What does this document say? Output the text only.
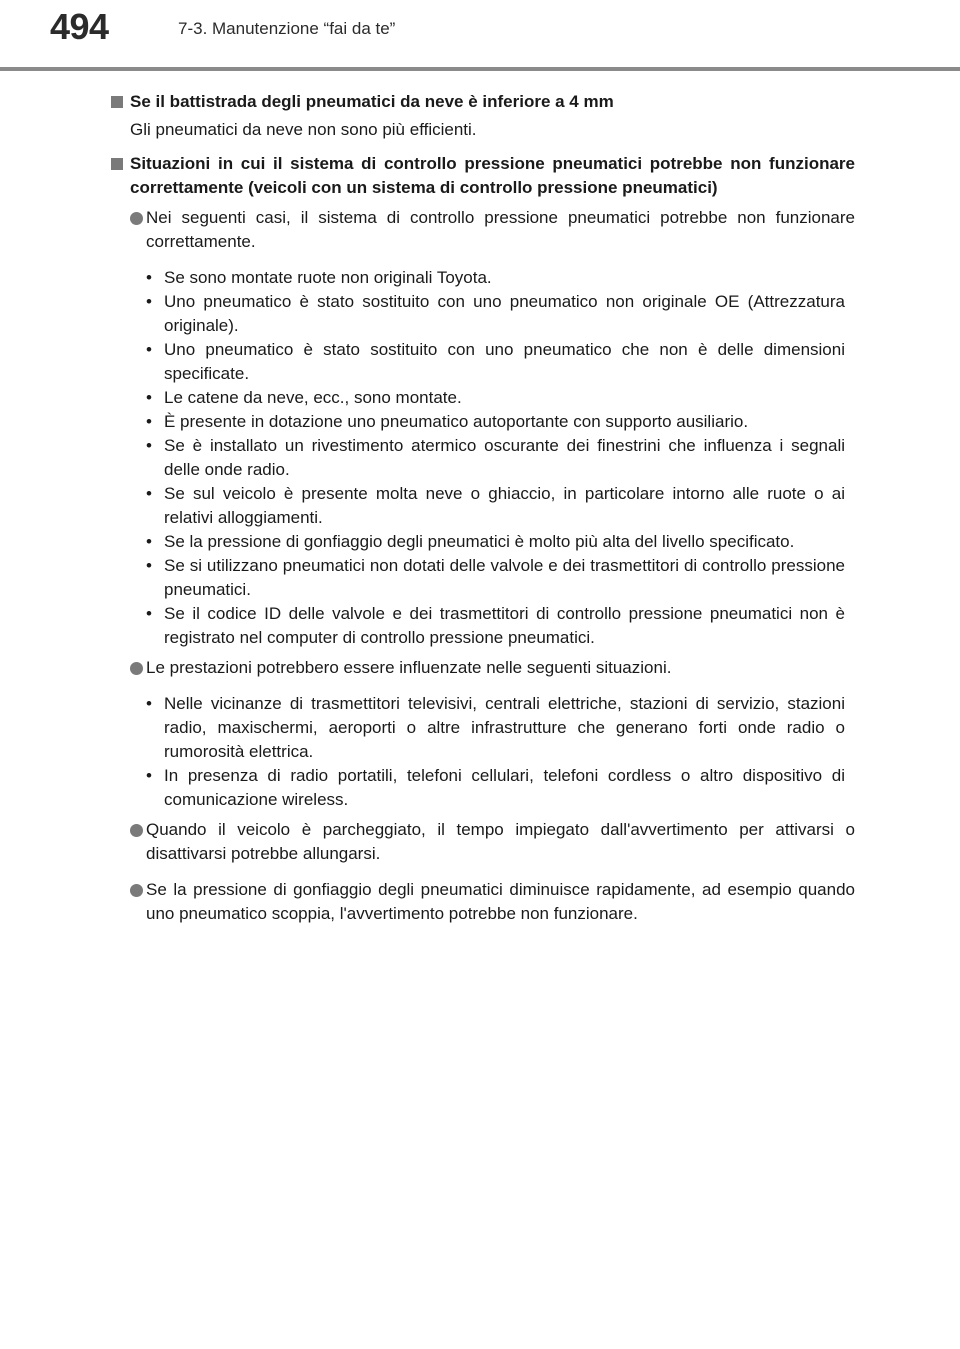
494	7-3. Manutenzione “fai da te”
Se il battistrada degli pneumatici da neve è inferiore a 4 mm
Gli pneumatici da neve non sono più efficienti.
Situazioni in cui il sistema di controllo pressione pneumatici potrebbe non funzionare correttamente (veicoli con un sistema di controllo pressione pneumatici)
Nei seguenti casi, il sistema di controllo pressione pneumatici potrebbe non funzionare correttamente.
• Se sono montate ruote non originali Toyota.
• Uno pneumatico è stato sostituito con uno pneumatico non originale OE (Attrezzatura originale).
• Uno pneumatico è stato sostituito con uno pneumatico che non è delle dimensioni specificate.
• Le catene da neve, ecc., sono montate.
• È presente in dotazione uno pneumatico autoportante con supporto ausiliario.
• Se è installato un rivestimento atermico oscurante dei finestrini che influenza i segnali delle onde radio.
• Se sul veicolo è presente molta neve o ghiaccio, in particolare intorno alle ruote o ai relativi alloggiamenti.
• Se la pressione di gonfiaggio degli pneumatici è molto più alta del livello specificato.
• Se si utilizzano pneumatici non dotati delle valvole e dei trasmettitori di controllo pressione pneumatici.
• Se il codice ID delle valvole e dei trasmettitori di controllo pressione pneumatici non è registrato nel computer di controllo pressione pneumatici.
Le prestazioni potrebbero essere influenzate nelle seguenti situazioni.
• Nelle vicinanze di trasmettitori televisivi, centrali elettriche, stazioni di servizio, stazioni radio, maxischermi, aeroporti o altre infrastrutture che generano forti onde radio o rumorosità elettrica.
• In presenza di radio portatili, telefoni cellulari, telefoni cordless o altro dispositivo di comunicazione wireless.
Quando il veicolo è parcheggiato, il tempo impiegato dall'avvertimento per attivarsi o disattivarsi potrebbe allungarsi.
Se la pressione di gonfiaggio degli pneumatici diminuisce rapidamente, ad esempio quando uno pneumatico scoppia, l'avvertimento potrebbe non funzionare.
